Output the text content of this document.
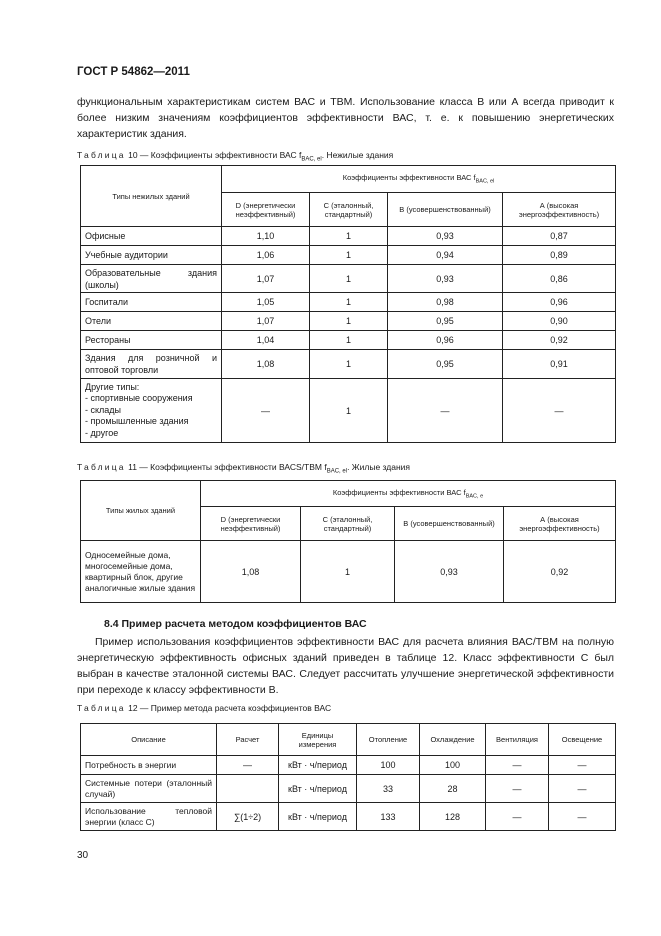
ГОСТ Р 54862—2011
функциональным характеристикам систем ВАС и ТВМ. Использование класса В или А всегда приводит к более низким значениям коэффициентов эффективности ВАС, т. е. к повышению энергетических характеристик здания.
Таблица 10 — Коэффициенты эффективности ВАС $f_{BAC, el}$. Нежилые здания
Типы нежилых зданий	Коэффициенты эффективности ВАС $f_{BAC, el}$
	D (энергетически неэффективный)	С (эталонный, стандартный)	В (усовершенствованный)	А (высокая энергоэффективность)
Офисные	1,10	1	0,93	0,87
Учебные аудитории	1,06	1	0,94	0,89
Образовательные здания (школы)	1,07	1	0,93	0,86
Госпитали	1,05	1	0,98	0,96
Отели	1,07	1	0,95	0,90
Рестораны	1,04	1	0,96	0,92
Здания для розничной и оптовой торговли	1,08	1	0,95	0,91

Другие типы:
- спортивные сооружения
- склады
- промышленные здания
- другое	—	1	—	—
Таблица 11 — Коэффициенты эффективности ВАСS/ТВМ $f_{BAC, el}$. Жилые здания
Типы жилых зданий	Коэффициенты эффективности ВАС $f_{BAC, e}$
	D (энергетически неэффективный)	С (эталонный, стандартный)	В (усовершенствованный)	А (высокая энергоэффективность)
Односемейные дома, многосемейные дома, квартирный блок, другие аналогичные жилые здания	1,08	1	0,93	0,92
8.4 Пример расчета методом коэффициентов ВАС
Пример использования коэффициентов эффективности ВАС для расчета влияния ВАС/ТВМ на полную энергетическую эффективность офисных зданий приведен в таблице 12. Класс эффективности С был выбран в качестве эталонной системы ВАС. Следует рассчитать улучшение энергетической эффективности при переходе к классу эффективности В.
Таблица 12 — Пример метода расчета коэффициентов ВАС
Описание	Расчет	Единицы измерения	Отопление	Охлаждение	Вентиляция	Освещение
Потребность в энергии	—	кВт · ч/период	100	100	—	—
Системные потери (эталонный случай)		кВт · ч/период	33	28	—	—
Использование тепловой энергии (класс С)	∑(1÷2)	кВт · ч/период	133	128	—	—
30
